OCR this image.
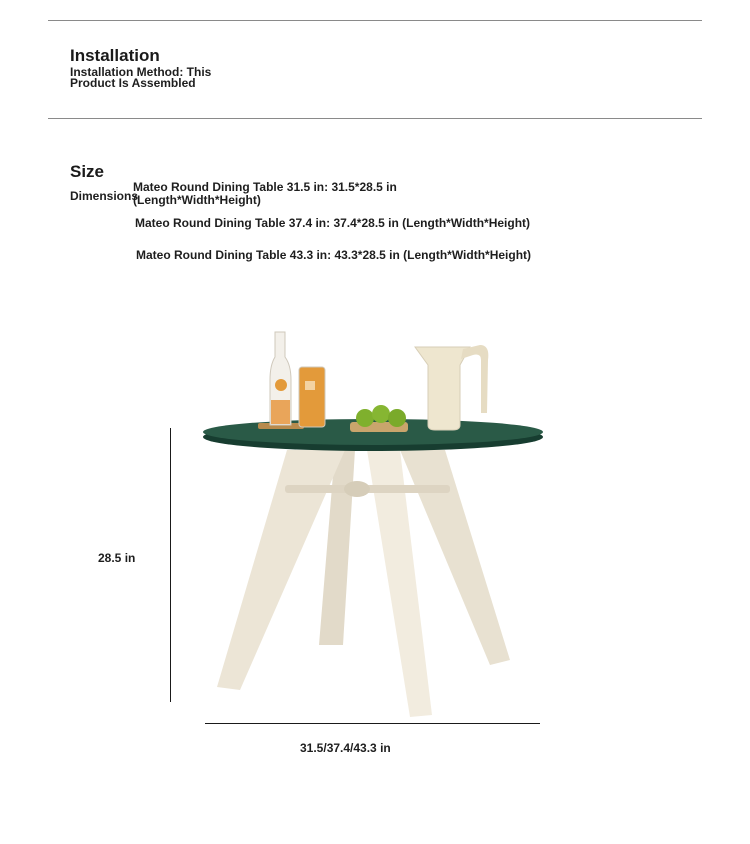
Installation
Installation Method: This
Product Is Assembled
Size
Dimensions
Mateo Round Dining Table 31.5 in: 31.5*28.5 in
(Length*Width*Height)
Mateo Round Dining Table 37.4 in: 37.4*28.5 in (Length*Width*Height)
Mateo Round Dining Table 43.3 in: 43.3*28.5 in (Length*Width*Height)
28.5 in
31.5/37.4/43.3 in
